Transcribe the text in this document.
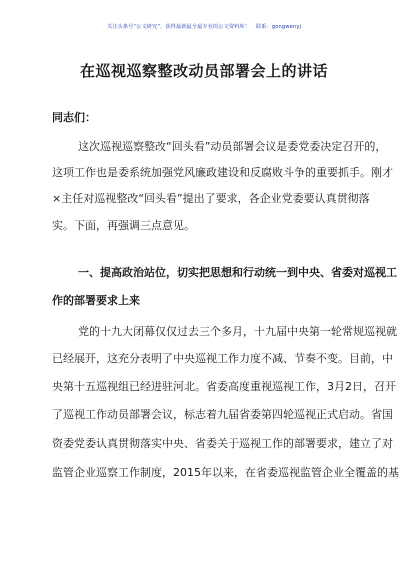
关注头条号“公文研究”，获得最新最全最专业的公文资料库！ 联系：gongwenyj
在巡视巡察整改动员部署会上的讲话
同志们：
这次巡视巡察整改“回头看”动员部署会议是委党委决定召开的，
这项工作也是委系统加强党风廉政建设和反腐败斗争的重要抓手。刚才
×主任对巡视整改“回头看”提出了要求，各企业党委要认真贯彻落
实。下面，再强调三点意见。
一、提高政治站位，切实把思想和行动统一到中央、省委对巡视工
作的部署要求上来
党的十九大闭幕仅仅过去三个多月，十九届中央第一轮常规巡视就
已经展开，这充分表明了中央巡视工作力度不减、节奏不变。目前，中
央第十五巡视组已经进驻河北。省委高度重视巡视工作，3月2日，召开
了巡视工作动员部署会议，标志着九届省委第四轮巡视正式启动。省国
资委党委认真贯彻落实中央、省委关于巡视工作的部署要求，建立了对
监管企业巡察工作制度，2015年以来，在省委巡视监管企业全覆盖的基
